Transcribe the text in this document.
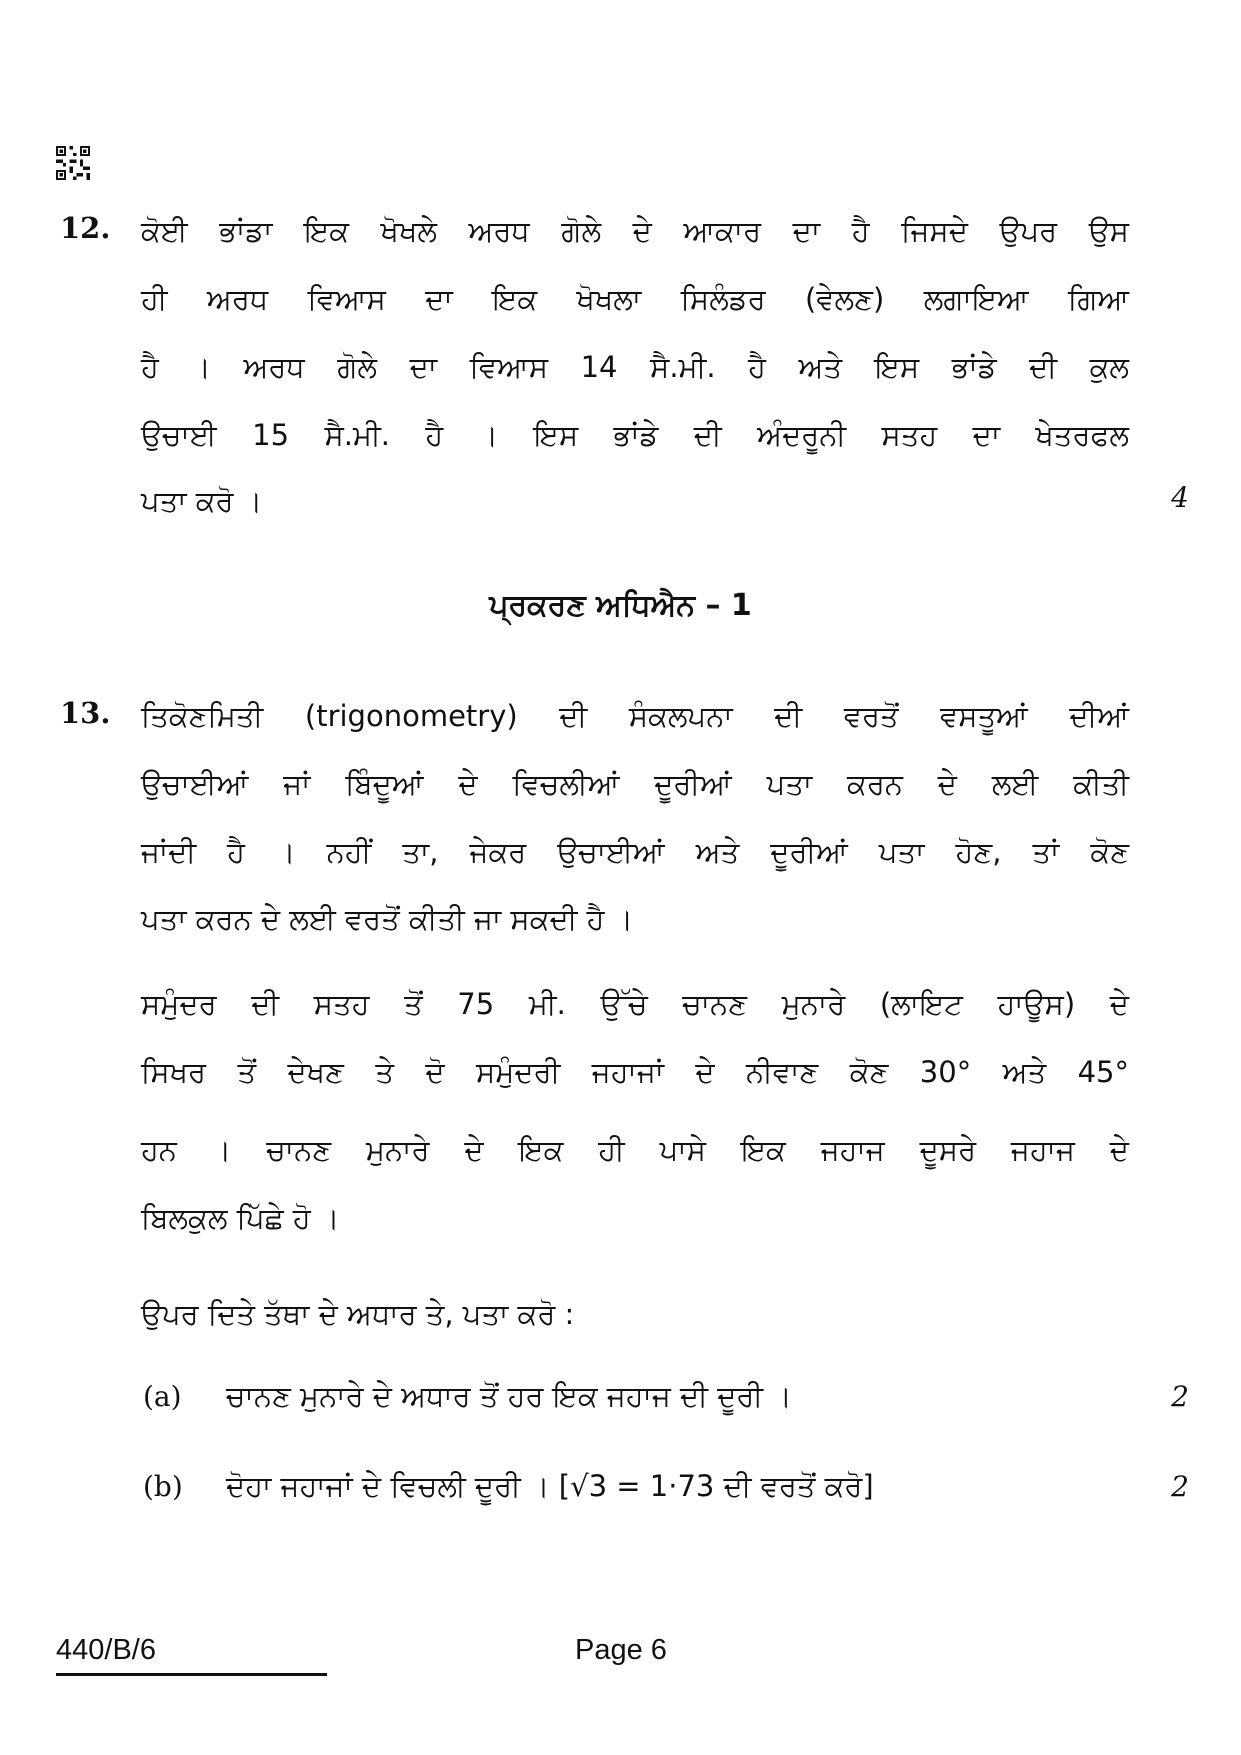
12. ਕੋਈ ਭਾਂਡਾ ਇਕ ਖੋਖਲੇ ਅਰਧ ਗੋਲੇ ਦੇ ਆਕਾਰ ਦਾ ਹੈ ਜਿਸਦੇ ਉਪਰ ਉਸ
ਹੀ ਅਰਧ ਵਿਆਸ ਦਾ ਇਕ ਖੋਖਲਾ ਸਿਲੰਡਰ (ਵੇਲਣ) ਲਗਾਇਆ ਗਿਆ
ਹੈ । ਅਰਧ ਗੋਲੇ ਦਾ ਵਿਆਸ 14 ਸੈ.ਮੀ. ਹੈ ਅਤੇ ਇਸ ਭਾਂਡੇ ਦੀ ਕੁਲ
ਉਚਾਈ 15 ਸੈ.ਮੀ. ਹੈ । ਇਸ ਭਾਂਡੇ ਦੀ ਅੰਦਰੂਨੀ ਸਤਹ ਦਾ ਖੇਤਰਫਲ
ਪਤਾ ਕਰੋ ।	4
ਪ੍ਰਕਰਣ ਅਧਿਐਨ – 1
13. ਤਿਕੋਣਮਿਤੀ (trigonometry) ਦੀ ਸੰਕਲਪਨਾ ਦੀ ਵਰਤੋਂ ਵਸਤੂਆਂ ਦੀਆਂ
ਉਚਾਈਆਂ ਜਾਂ ਬਿੰਦੂਆਂ ਦੇ ਵਿਚਲੀਆਂ ਦੂਰੀਆਂ ਪਤਾ ਕਰਨ ਦੇ ਲਈ ਕੀਤੀ
ਜਾਂਦੀ ਹੈ । ਨਹੀਂ ਤਾ, ਜੇਕਰ ਉਚਾਈਆਂ ਅਤੇ ਦੂਰੀਆਂ ਪਤਾ ਹੋਣ, ਤਾਂ ਕੋਣ
ਪਤਾ ਕਰਨ ਦੇ ਲਈ ਵਰਤੋਂ ਕੀਤੀ ਜਾ ਸਕਦੀ ਹੈ ।
ਸਮੁੰਦਰ ਦੀ ਸਤਹ ਤੋਂ 75 ਮੀ. ਉੱਚੇ ਚਾਨਣ ਮੁਨਾਰੇ (ਲਾਇਟ ਹਾਊਸ) ਦੇ
ਸਿਖਰ ਤੋਂ ਦੇਖਣ ਤੇ ਦੋ ਸਮੁੰਦਰੀ ਜਹਾਜਾਂ ਦੇ ਨੀਵਾਣ ਕੋਣ 30° ਅਤੇ 45°
ਹਨ । ਚਾਨਣ ਮੁਨਾਰੇ ਦੇ ਇਕ ਹੀ ਪਾਸੇ ਇਕ ਜਹਾਜ ਦੂਸਰੇ ਜਹਾਜ ਦੇ
ਬਿਲਕੁਲ ਪਿੱਛੇ ਹੋ ।
ਉਪਰ ਦਿਤੇ ਤੱਥਾ ਦੇ ਅਧਾਰ ਤੇ, ਪਤਾ ਕਰੋ :
(a) ਚਾਨਣ ਮੁਨਾਰੇ ਦੇ ਅਧਾਰ ਤੋਂ ਹਰ ਇਕ ਜਹਾਜ ਦੀ ਦੂਰੀ ।	2
(b) ਦੋਹਾ ਜਹਾਜਾਂ ਦੇ ਵਿਚਲੀ ਦੂਰੀ । [√3 = 1·73 ਦੀ ਵਰਤੋਂ ਕਰੋ]	2
440/B/6	Page 6
